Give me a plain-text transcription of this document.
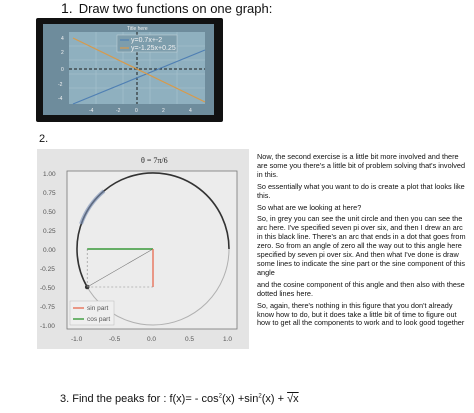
1. Draw two functions on one graph:
y=0.7x+-2
y=-1.25x+0.25
Title here
4
2
0
-2
-4
-4	-2	0	2	4
2.
θ = 7π/6
1.00
0.75
0.50
0.25
0.00
-0.25
-0.50
-0.75
-1.00
-1.0	-0.5	0.0	0.5	1.0
sin part
cos part

Now, the second exercise is a little bit more involved and there are some you there's a little bit of problem solving that's involved in this.

So essentially what you want to do is create a plot that looks like this.

So what are we looking at here?

So, in grey you can see the unit circle and then you can see the arc here. I've specified seven pi over six, and then I drew an arc in this black line. There's an arc that ends in a dot that goes from zero. So from an angle of zero all the way out to this angle here specified by seven pi over six. And then what I've done is draw some lines to indicate the sine part or the sine component of this angle

and the cosine component of this angle and then also with these dotted lines here.

So, again, there's nothing in this figure that you don't already know how to do, but it does take a little bit of time to figure out how to get all the components to work and to look good together

3. Find the peaks for : $f(x)= - \cos^2(x) +\sin^2(x) + √x$
